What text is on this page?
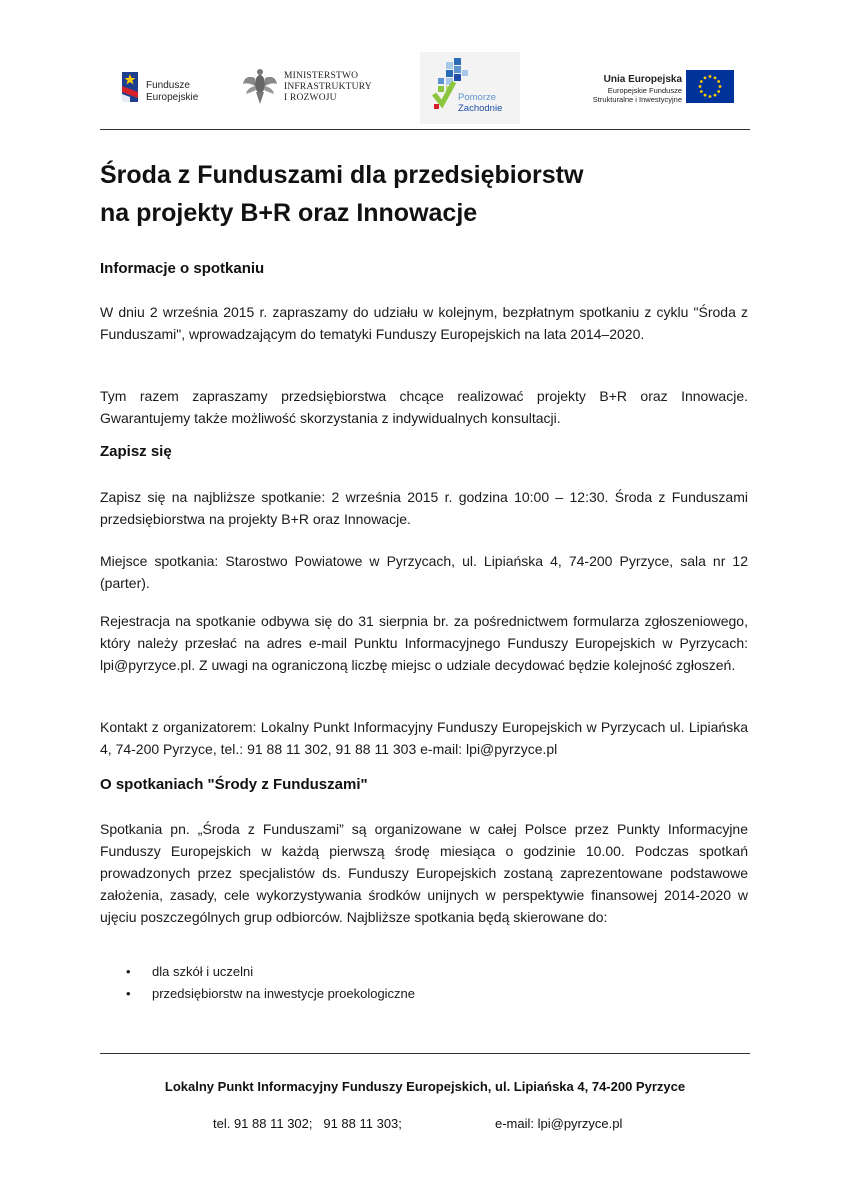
Fundusze Europejskie
MINISTERSTWO
INFRASTRUKTURY
I ROZWOJU	Pomorze
Zachodnie
Unia Europejska
Europejskie Fundusze
Strukturalne i Inwestycyjne
Środa z Funduszami dla przedsiębiorstw
na projekty B+R oraz Innowacje
Informacje o spotkaniu

W dniu 2 września 2015 r. zapraszamy do udziału w kolejnym, bezpłatnym spotkaniu z cyklu "Środa z Funduszami", wprowadzającym do tematyki Funduszy Europejskich na lata 2014–2020.

Tym razem zapraszamy przedsiębiorstwa chcące realizować projekty B+R oraz Innowacje. Gwarantujemy także możliwość skorzystania z indywidualnych konsultacji.

Zapisz się

Zapisz się na najbliższe spotkanie: 2 września 2015 r. godzina 10:00 – 12:30. Środa z Funduszami przedsiębiorstwa na projekty B+R oraz Innowacje.

Miejsce spotkania: Starostwo Powiatowe w Pyrzycach, ul. Lipiańska 4, 74-200 Pyrzyce, sala nr 12 (parter).

Rejestracja na spotkanie odbywa się do 31 sierpnia br. za pośrednictwem formularza zgłoszeniowego, który należy przesłać na adres e-mail Punktu Informacyjnego Funduszy Europejskich w Pyrzycach: lpi@pyrzyce.pl. Z uwagi na ograniczoną liczbę miejsc o udziale decydować będzie kolejność zgłoszeń.

Kontakt z organizatorem: Lokalny Punkt Informacyjny Funduszy Europejskich w Pyrzycach ul. Lipiańska 4, 74-200 Pyrzyce, tel.: 91 88 11 302, 91 88 11 303 e-mail: lpi@pyrzyce.pl

O spotkaniach "Środy z Funduszami"

Spotkania pn. „Środa z Funduszami” są organizowane w całej Polsce przez Punkty Informacyjne Funduszy Europejskich w każdą pierwszą środę miesiąca o godzinie 10.00. Podczas spotkań prowadzonych przez specjalistów ds. Funduszy Europejskich zostaną zaprezentowane podstawowe założenia, zasady, cele wykorzystywania środków unijnych w perspektywie finansowej 2014-2020 w ujęciu poszczególnych grup odbiorców. Najbliższe spotkania będą skierowane do:

• dla szkół i uczelni
• przedsiębiorstw na inwestycje proekologiczne
Lokalny Punkt Informacyjny Funduszy Europejskich, ul. Lipiańska 4, 74-200 Pyrzyce
tel. 91 88 11 302;   91 88 11 303;	e-mail: lpi@pyrzyce.pl
